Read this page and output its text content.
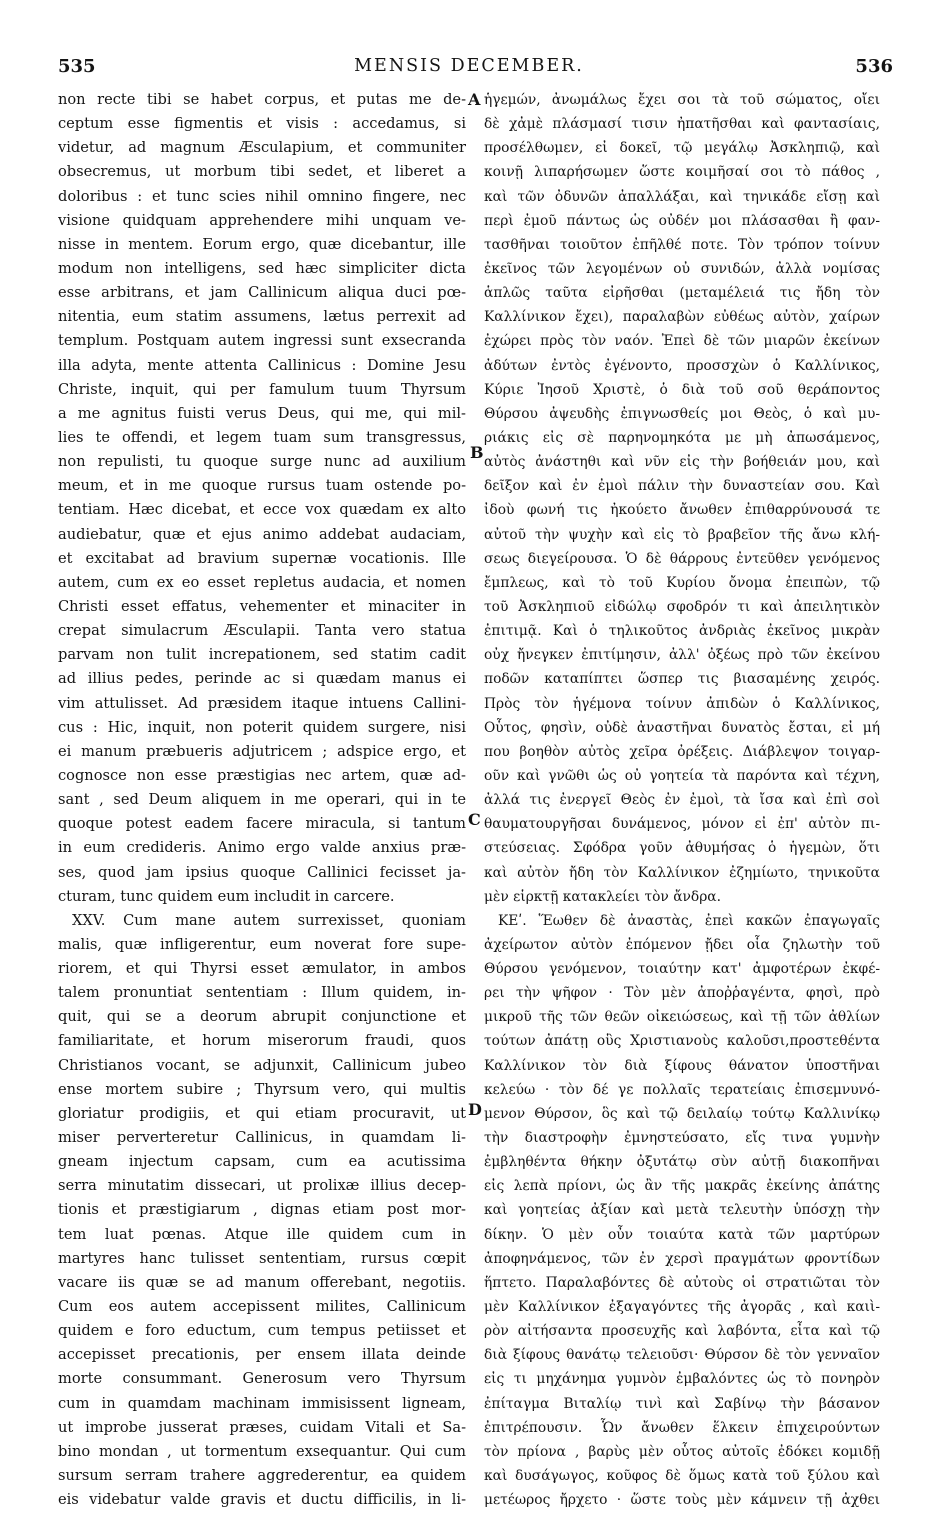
535	MENSIS DECEMBER.	536
non recte tibi se habet corpus, et putas me de-
ceptum esse figmentis et visis : accedamus, si
videtur, ad magnum Æsculapium, et communiter
obsecremus, ut morbum tibi sedet, et liberet a
doloribus : et tunc scies nihil omnino fingere, nec
visione quidquam apprehendere mihi unquam ve-
nisse in mentem. Eorum ergo, quæ dicebantur, ille
modum non intelligens, sed hæc simpliciter dicta
esse arbitrans, et jam Callinicum aliqua duci pœ-
nitentia, eum statim assumens, lætus perrexit ad
templum. Postquam autem ingressi sunt exsecranda
illa adyta, mente attenta Callinicus : Domine Jesu
Christe, inquit, qui per famulum tuum Thyrsum
a me agnitus fuisti verus Deus, qui me, qui mil-
lies te offendi, et legem tuam sum transgressus,
non repulisti, tu quoque surge nunc ad auxilium
meum, et in me quoque rursus tuam ostende po-
tentiam. Hæc dicebat, et ecce vox quædam ex alto
audiebatur, quæ et ejus animo addebat audaciam,
et excitabat ad bravium supernæ vocationis. Ille
autem, cum ex eo esset repletus audacia, et nomen
Christi esset effatus, vehementer et minaciter in
crepat simulacrum Æsculapii. Tanta vero statua
parvam non tulit increpationem, sed statim cadit
ad illius pedes, perinde ac si quædam manus ei
vim attulisset. Ad præsidem itaque intuens Callini-
cus : Hic, inquit, non poterit quidem surgere, nisi
ei manum præbueris adjutricem ; adspice ergo, et
cognosce non esse præstigias nec artem, quæ ad-
sant , sed Deum aliquem in me operari, qui in te
quoque potest eadem facere miracula, si tantum
in eum credideris. Animo ergo valde anxius præ-
ses, quod jam ipsius quoque Callinici fecisset ja-
cturam, tunc quidem eum includit in carcere.
XXV. Cum mane autem surrexisset, quoniam
malis, quæ infligerentur, eum noverat fore supe-
riorem, et qui Thyrsi esset æmulator, in ambos
talem pronuntiat sententiam : Illum quidem, in-
quit, qui se a deorum abrupit conjunctione et
familiaritate, et horum miserorum fraudi, quos
Christianos vocant, se adjunxit, Callinicum jubeo
ense mortem subire ; Thyrsum vero, qui multis
gloriatur prodigiis, et qui etiam procuravit, ut
miser perverteretur Callinicus, in quamdam li-
gneam injectum capsam, cum ea acutissima
serra minutatim dissecari, ut prolixæ illius decep-
tionis et præstigiarum , dignas etiam post mor-
tem luat pœnas. Atque ille quidem cum in
martyres hanc tulisset sententiam, rursus cœpit
vacare iis quæ se ad manum offerebant, negotiis.
Cum eos autem accepissent milites, Callinicum
quidem e foro eductum, cum tempus petiisset et
accepisset precationis, per ensem illata deinde
morte consummant. Generosum vero Thyrsum
cum in quamdam machinam immisissent ligneam,
ut improbe jusserat præses, cuidam Vitali et Sa-
bino mondan , ut tormentum exsequantur. Qui cum
sursum serram trahere aggrederentur, ea quidem
eis videbatur valde gravis et ductu difficilis, in li-
ἡγεμών, ἀνωμάλως ἔχει σοι τὰ τοῦ σώματος, οἴει
δὲ χἀμὲ πλάσμασί τισιν ἠπατῆσθαι καὶ φαντασίαις,
προσέλθωμεν, εἰ δοκεῖ, τῷ μεγάλῳ Ἀσκληπιῷ, καὶ
κοινῇ λιπαρήσωμεν ὥστε κοιμῆσαί σοι τὸ πάθος ,
καὶ τῶν ὀδυνῶν ἀπαλλάξαι, καὶ τηνικάδε εἴσῃ καὶ
περὶ ἐμοῦ πάντως ὡς οὐδέν μοι πλάσασθαι ἢ φαν-
τασθῆναι τοιοῦτον ἐπῆλθέ ποτε. Τὸν τρόπον τοίνυν
ἐκεῖνος τῶν λεγομένων οὐ συνιδών, ἀλλὰ νομίσας
ἁπλῶς ταῦτα εἰρῆσθαι (μεταμέλειά τις ἤδη τὸν
Καλλίνικον ἔχει), παραλαβὼν εὐθέως αὐτὸν, χαίρων
ἐχώρει πρὸς τὸν ναόν. Ἐπεὶ δὲ τῶν μιαρῶν ἐκείνων
ἀδύτων ἐντὸς ἐγένοντο, προσσχὼν ὁ Καλλίνικος,
Κύριε Ἰησοῦ Χριστὲ, ὁ διὰ τοῦ σοῦ θεράποντος
Θύρσου ἀψευδὴς ἐπιγνωσθείς μοι Θεὸς, ὁ καὶ μυ-
ριάκις εἰς σὲ παρηνομηκότα με μὴ ἀπωσάμενος,
αὐτὸς ἀνάστηθι καὶ νῦν εἰς τὴν βοήθειάν μου, καὶ
δεῖξον καὶ ἐν ἐμοὶ πάλιν τὴν δυναστείαν σου. Καὶ
ἰδοὺ φωνή τις ἠκούετο ἄνωθεν ἐπιθαρρύνουσά τε
αὐτοῦ τὴν ψυχὴν καὶ εἰς τὸ βραβεῖον τῆς ἄνω κλή-
σεως διεγείρουσα. Ὁ δὲ θάρρους ἐντεῦθεν γενόμενος
ἔμπλεως, καὶ τὸ τοῦ Κυρίου ὄνομα ἐπειπὼν, τῷ
τοῦ Ἀσκληπιοῦ εἰδώλῳ σφοδρόν τι καὶ ἀπειλητικὸν
ἐπιτιμᾷ. Καὶ ὁ τηλικοῦτος ἀνδριὰς ἐκεῖνος μικρὰν
οὐχ ἤνεγκεν ἐπιτίμησιν, ἀλλ' ὀξέως πρὸ τῶν ἐκείνου
ποδῶν καταπίπτει ὥσπερ τις βιασαμένης χειρός.
Πρὸς τὸν ἡγέμονα τοίνυν ἀπιδὼν ὁ Καλλίνικος,
Οὗτος, φησὶν, οὐδὲ ἀναστῆναι δυνατὸς ἔσται, εἰ μή
που βοηθὸν αὐτὸς χεῖρα ὀρέξεις. Διάβλεψον τοιγαρ-
οῦν καὶ γνῶθι ὡς οὐ γοητεία τὰ παρόντα καὶ τέχνη,
ἀλλά τις ἐνεργεῖ Θεὸς ἐν ἐμοὶ, τὰ ἴσα καὶ ἐπὶ σοὶ
θαυματουργῆσαι δυνάμενος, μόνον εἰ ἐπ' αὐτὸν πι-
στεύσειας. Σφόδρα γοῦν ἀθυμήσας ὁ ἡγεμὼν, ὅτι
καὶ αὐτὸν ἤδη τὸν Καλλίνικον ἐζημίωτο, τηνικοῦτα
μὲν εἱρκτῇ κατακλείει τὸν ἄνδρα.
ΚΕʹ. Ἕωθεν δὲ ἀναστὰς, ἐπεὶ κακῶν ἐπαγωγαῖς
ἀχείρωτον αὐτὸν ἐπόμενον ᾔδει οἷα ζηλωτὴν τοῦ
Θύρσου γενόμενον, τοιαύτην κατ' ἀμφοτέρων ἐκφέ-
ρει τὴν ψῆφον · Τὸν μὲν ἀποῤῥαγέντα, φησὶ, πρὸ
μικροῦ τῆς τῶν θεῶν οἰκειώσεως, καὶ τῇ τῶν ἀθλίων
τούτων ἀπάτῃ οὓς Χριστιανοὺς καλοῦσι,προστεθέντα
Καλλίνικον τὸν διὰ ξίφους θάνατον ὑποστῆναι
κελεύω · τὸν δέ γε πολλαῖς τερατείαις ἐπισεμνυνό-
μενον Θύρσον, ὃς καὶ τῷ δειλαίῳ τούτῳ Καλλινίκῳ
τὴν διαστροφὴν ἐμνηστεύσατο, εἴς τινα γυμνὴν
ἐμβληθέντα θήκην ὀξυτάτῳ σὺν αὐτῇ διακοπῆναι
εἰς λεπὰ πρίονι, ὡς ἂν τῆς μακρᾶς ἐκείνης ἀπάτης
καὶ γοητείας ἀξίαν καὶ μετὰ τελευτὴν ὑπόσχῃ τὴν
δίκην. Ὁ μὲν οὖν τοιαύτα κατὰ τῶν μαρτύρων
ἀποφηνάμενος, τῶν ἐν χερσὶ πραγμάτων φροντίδων
ἥπτετο. Παραλαβόντες δὲ αὐτοὺς οἱ στρατιῶται τὸν
μὲν Καλλίνικον ἐξαγαγόντες τῆς ἀγορᾶς , καὶ καιὶ-
ρὸν αἰτήσαντα προσευχῆς καὶ λαβόντα, εἶτα καὶ τῷ
διὰ ξίφους θανάτῳ τελειοῦσι· Θύρσον δὲ τὸν γενναῖον
εἰς τι μηχάνημα γυμνὸν ἐμβαλόντες ὡς τὸ πονηρὸν
ἐπίταγμα Βιταλίῳ τινὶ καὶ Σαβίνῳ τὴν βάσανον
ἐπιτρέπουσιν. Ὧν ἄνωθεν ἕλκειν ἐπιχειρούντων
τὸν πρίονα , βαρὺς μὲν οὗτος αὐτοῖς ἐδόκει κομιδῇ
καὶ δυσάγωγος, κοῦφος δὲ ὅμως κατὰ τοῦ ξύλου καὶ
μετέωρος ἤρχετο · ὥστε τοὺς μὲν κάμνειν τῇ ἀχθει
A
B
C
D
